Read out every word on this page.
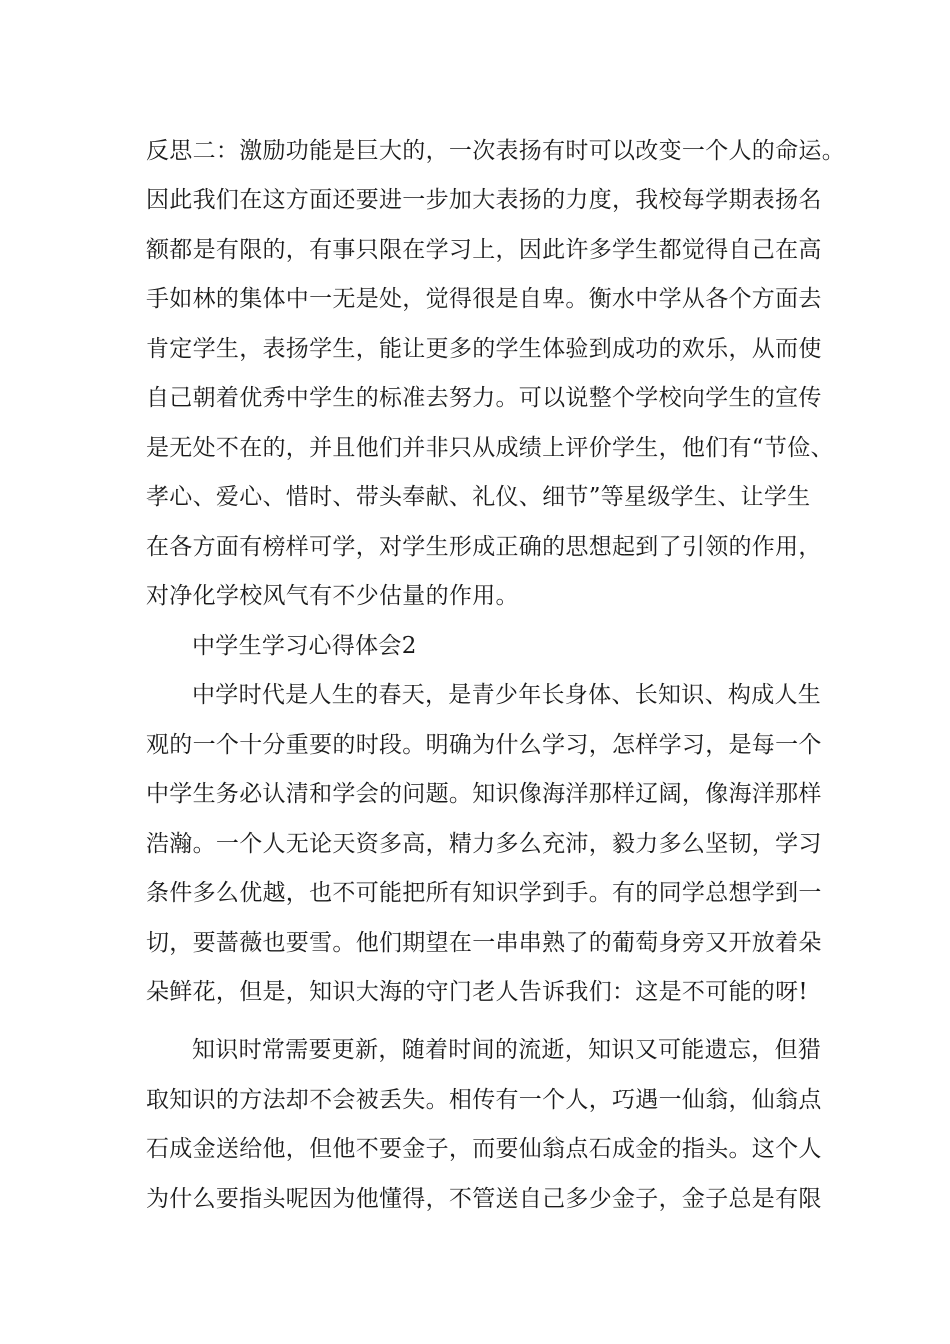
反思二：激励功能是巨大的，一次表扬有时可以改变一个人的命运。
因此我们在这方面还要进一步加大表扬的力度，我校每学期表扬名
额都是有限的，有事只限在学习上，因此许多学生都觉得自己在高
手如林的集体中一无是处，觉得很是自卑。衡水中学从各个方面去
肯定学生，表扬学生，能让更多的学生体验到成功的欢乐，从而使
自己朝着优秀中学生的标准去努力。可以说整个学校向学生的宣传
是无处不在的，并且他们并非只从成绩上评价学生，他们有“节俭、
孝心、爱心、惜时、带头奉献、礼仪、细节”等星级学生、让学生
在各方面有榜样可学，对学生形成正确的思想起到了引领的作用，
对净化学校风气有不少估量的作用。
中学生学习心得体会2
中学时代是人生的春天，是青少年长身体、长知识、构成人生
观的一个十分重要的时段。明确为什么学习，怎样学习，是每一个
中学生务必认清和学会的问题。知识像海洋那样辽阔，像海洋那样
浩瀚。一个人无论天资多高，精力多么充沛，毅力多么坚韧，学习
条件多么优越，也不可能把所有知识学到手。有的同学总想学到一
切，要蔷薇也要雪。他们期望在一串串熟了的葡萄身旁又开放着朵
朵鲜花，但是，知识大海的守门老人告诉我们：这是不可能的呀!
知识时常需要更新，随着时间的流逝，知识又可能遗忘，但猎
取知识的方法却不会被丢失。相传有一个人，巧遇一仙翁，仙翁点
石成金送给他，但他不要金子，而要仙翁点石成金的指头。这个人
为什么要指头呢因为他懂得，不管送自己多少金子，金子总是有限
